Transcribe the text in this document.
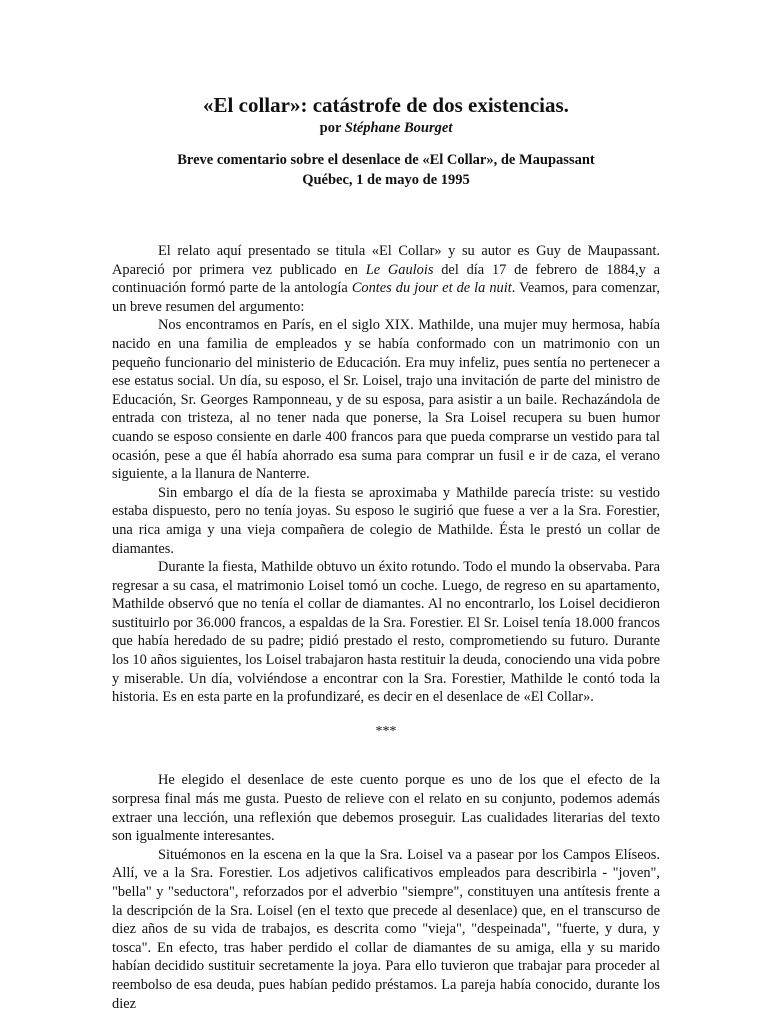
«El collar»: catástrofe de dos existencias.
por Stéphane Bourget
Breve comentario sobre el desenlace de «El Collar», de Maupassant
Québec, 1 de mayo de 1995

El relato aquí presentado se titula «El Collar» y su autor es Guy de Maupassant. Apareció por primera vez publicado en Le Gaulois del día 17 de febrero de 1884,y a continuación formó parte de la antología Contes du jour et de la nuit. Veamos, para comenzar, un breve resumen del argumento:

Nos encontramos en París, en el siglo XIX. Mathilde, una mujer muy hermosa, había nacido en una familia de empleados y se había conformado con un matrimonio con un pequeño funcionario del ministerio de Educación. Era muy infeliz, pues sentía no pertenecer a ese estatus social. Un día, su esposo, el Sr. Loisel, trajo una invitación de parte del ministro de Educación, Sr. Georges Ramponneau, y de su esposa, para asistir a un baile. Rechazándola de entrada con tristeza, al no tener nada que ponerse, la Sra Loisel recupera su buen humor cuando se esposo consiente en darle 400 francos para que pueda comprarse un vestido para tal ocasión, pese a que él había ahorrado esa suma para comprar un fusil e ir de caza, el verano siguiente, a la llanura de Nanterre.

Sin embargo el día de la fiesta se aproximaba y Mathilde parecía triste: su vestido estaba dispuesto, pero no tenía joyas. Su esposo le sugirió que fuese a ver a la Sra. Forestier, una rica amiga y una vieja compañera de colegio de Mathilde. Ésta le prestó un collar de diamantes.

Durante la fiesta, Mathilde obtuvo un éxito rotundo. Todo el mundo la observaba. Para regresar a su casa, el matrimonio Loisel tomó un coche. Luego, de regreso en su apartamento, Mathilde observó que no tenía el collar de diamantes. Al no encontrarlo, los Loisel decidieron sustituirlo por 36.000 francos, a espaldas de la Sra. Forestier. El Sr. Loisel tenía 18.000 francos que había heredado de su padre; pidió prestado el resto, comprometiendo su futuro. Durante los 10 años siguientes, los Loisel trabajaron hasta restituir la deuda, conociendo una vida pobre y miserable. Un día, volviéndose a encontrar con la Sra. Forestier, Mathilde le contó toda la historia. Es en esta parte en la profundizaré, es decir en el desenlace de «El Collar».

***

He elegido el desenlace de este cuento porque es uno de los que el efecto de la sorpresa final más me gusta. Puesto de relieve con el relato en su conjunto, podemos además extraer una lección, una reflexión que debemos proseguir. Las cualidades literarias del texto son igualmente interesantes.

Situémonos en la escena en la que la Sra. Loisel va a pasear por los Campos Elíseos. Allí, ve a la Sra. Forestier. Los adjetivos calificativos empleados para describirla - "joven", "bella" y "seductora", reforzados por el adverbio "siempre", constituyen una antítesis frente a la descripción de la Sra. Loisel (en el texto que precede al desenlace) que, en el transcurso de diez años de su vida de trabajos, es descrita como "vieja", "despeinada", "fuerte, y dura, y tosca". En efecto, tras haber perdido el collar de diamantes de su amiga, ella y su marido habían decidido sustituir secretamente la joya. Para ello tuvieron que trabajar para proceder al reembolso de esa deuda, pues habían pedido préstamos. La pareja había conocido, durante los diez
